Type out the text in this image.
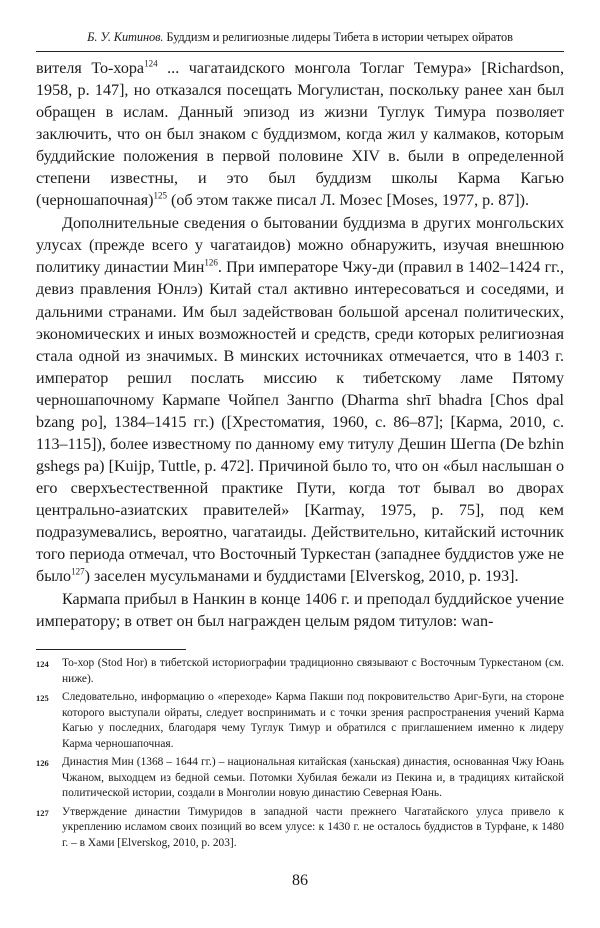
Б. У. Китинов. Буддизм и религиозные лидеры Тибета в истории четырех ойратов

вителя То-хора$^{124}$ ... чагатаидского монгола Тоглаг Темура» [Richardson, 1958, p. 147], но отказался посещать Могулистан, поскольку ранее хан был обращен в ислам. Данный эпизод из жизни Туглук Тимура позволяет заключить, что он был знаком с буддизмом, когда жил у калмаков, которым буддийские положения в первой половине XIV в. были в определенной степени известны, и это был буддизм школы Карма Кагью (черношапочная)$^{125}$ (об этом также писал Л. Мозес [Moses, 1977, p. 87]).

Дополнительные сведения о бытовании буддизма в других монгольских улусах (прежде всего у чагатаидов) можно обнаружить, изучая внешнюю политику династии Мин$^{126}$. При императоре Чжу-ди (правил в 1402–1424 гг., девиз правления Юнлэ) Китай стал активно интересоваться и соседями, и дальними странами. Им был задействован большой арсенал политических, экономических и иных возможностей и средств, среди которых религиозная стала одной из значимых. В минских источниках отмечается, что в 1403 г. император решил послать миссию к тибетскому ламе Пятому черношапочному Кармапе Чойпел Зангпо (Dharma shrī bhadra [Chos dpal bzang po], 1384–1415 гг.) ([Хрестоматия, 1960, с. 86–87]; [Карма, 2010, с. 113–115]), более известному по данному ему титулу Дешин Шегпа (De bzhin gshegs pa) [Kuijp, Tuttle, p. 472]. Причиной было то, что он «был наслышан о его сверхъестественной практике Пути, когда тот бывал во дворах центрально-азиатских правителей» [Karmay, 1975, p. 75], под кем подразумевались, вероятно, чагатаиды. Действительно, китайский источник того периода отмечал, что Восточный Туркестан (западнее буддистов уже не было$^{127}$) заселен мусульманами и буддистами [Elverskog, 2010, p. 193].

Кармапа прибыл в Нанкин в конце 1406 г. и преподал буддийское учение императору; в ответ он был награжден целым рядом титулов: wan-

124	То-хор (Stod Hor) в тибетской историографии традиционно связывают с Восточным Туркестаном (см. ниже).
125	Следовательно, информацию о «переходе» Карма Пакши под покровительство Ариг-Буги, на стороне которого выступали ойраты, следует воспринимать и с точки зрения распространения учений Карма Кагью у последних, благодаря чему Туглук Тимур и обратился с приглашением именно к лидеру Карма черношапочная.
126	Династия Мин (1368 – 1644 гг.) – национальная китайская (ханьская) династия, основанная Чжу Юань Чжаном, выходцем из бедной семьи. Потомки Хубилая бежали из Пекина и, в традициях китайской политической истории, создали в Монголии новую династию Северная Юань.
127	Утверждение династии Тимуридов в западной части прежнего Чагатайского улуса привело к укреплению исламом своих позиций во всем улусе: к 1430 г. не осталось буддистов в Турфане, к 1480 г. – в Хами [Elverskog, 2010, p. 203].
86
